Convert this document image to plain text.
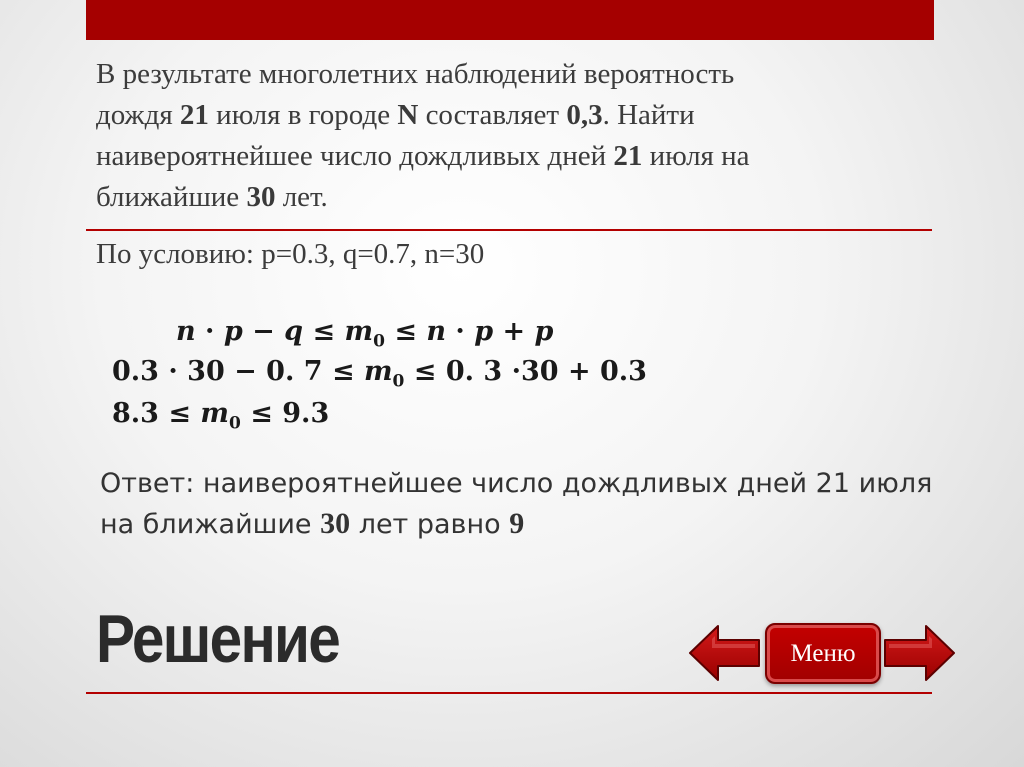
В результате многолетних наблюдений вероятность
дождя 21 июля в городе N составляет 0,3. Найти
наивероятнейшее число дождливых дней 21 июля на
ближайшие 30 лет.
По условию: p=0.3, q=0.7, n=30
$n \cdot p - q \le m_0 \le n \cdot p + p$
0.3 · 30 − 0. $7 \le m_0 \le 0$. 3 ·30 + 0.3
$8.3 \le m_0 \le 9.3$
Ответ: наивероятнейшее число дождливых дней 21 июля
на ближайшие 30 лет равно 9
Решение	Меню
